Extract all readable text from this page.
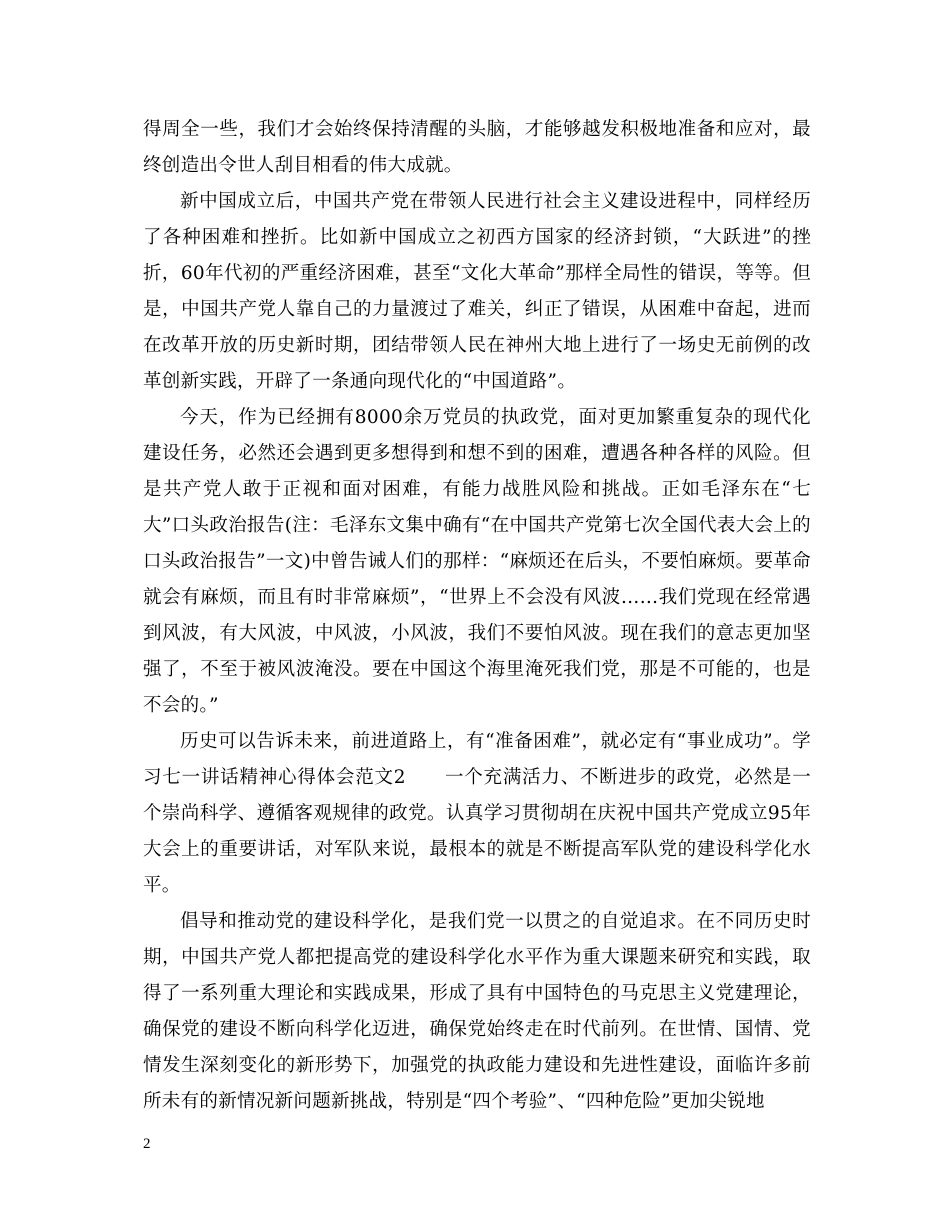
得周全一些，我们才会始终保持清醒的头脑，才能够越发积极地准备和应对，最终创造出令世人刮目相看的伟大成就。

新中国成立后，中国共产党在带领人民进行社会主义建设进程中，同样经历了各种困难和挫折。比如新中国成立之初西方国家的经济封锁，“大跃进”的挫折，60年代初的严重经济困难，甚至“文化大革命”那样全局性的错误，等等。但是，中国共产党人靠自己的力量渡过了难关，纠正了错误，从困难中奋起，进而在改革开放的历史新时期，团结带领人民在神州大地上进行了一场史无前例的改革创新实践，开辟了一条通向现代化的“中国道路”。

今天，作为已经拥有8000余万党员的执政党，面对更加繁重复杂的现代化建设任务，必然还会遇到更多想得到和想不到的困难，遭遇各种各样的风险。但是共产党人敢于正视和面对困难，有能力战胜风险和挑战。正如毛泽东在“七大”口头政治报告(注：毛泽东文集中确有“在中国共产党第七次全国代表大会上的口头政治报告”一文)中曾告诫人们的那样：“麻烦还在后头，不要怕麻烦。要革命就会有麻烦，而且有时非常麻烦”，“世界上不会没有风波……我们党现在经常遇到风波，有大风波，中风波，小风波，我们不要怕风波。现在我们的意志更加坚强了，不至于被风波淹没。要在中国这个海里淹死我们党，那是不可能的，也是不会的。”

历史可以告诉未来，前进道路上，有“准备困难”，就必定有“事业成功”。学习七一讲话精神心得体会范文2　　一个充满活力、不断进步的政党，必然是一个崇尚科学、遵循客观规律的政党。认真学习贯彻胡在庆祝中国共产党成立95年大会上的重要讲话，对军队来说，最根本的就是不断提高军队党的建设科学化水平。

倡导和推动党的建设科学化，是我们党一以贯之的自觉追求。在不同历史时期，中国共产党人都把提高党的建设科学化水平作为重大课题来研究和实践，取得了一系列重大理论和实践成果，形成了具有中国特色的马克思主义党建理论，确保党的建设不断向科学化迈进，确保党始终走在时代前列。在世情、国情、党情发生深刻变化的新形势下，加强党的执政能力建设和先进性建设，面临许多前所未有的新情况新问题新挑战，特别是“四个考验”、“四种危险”更加尖锐地

2
